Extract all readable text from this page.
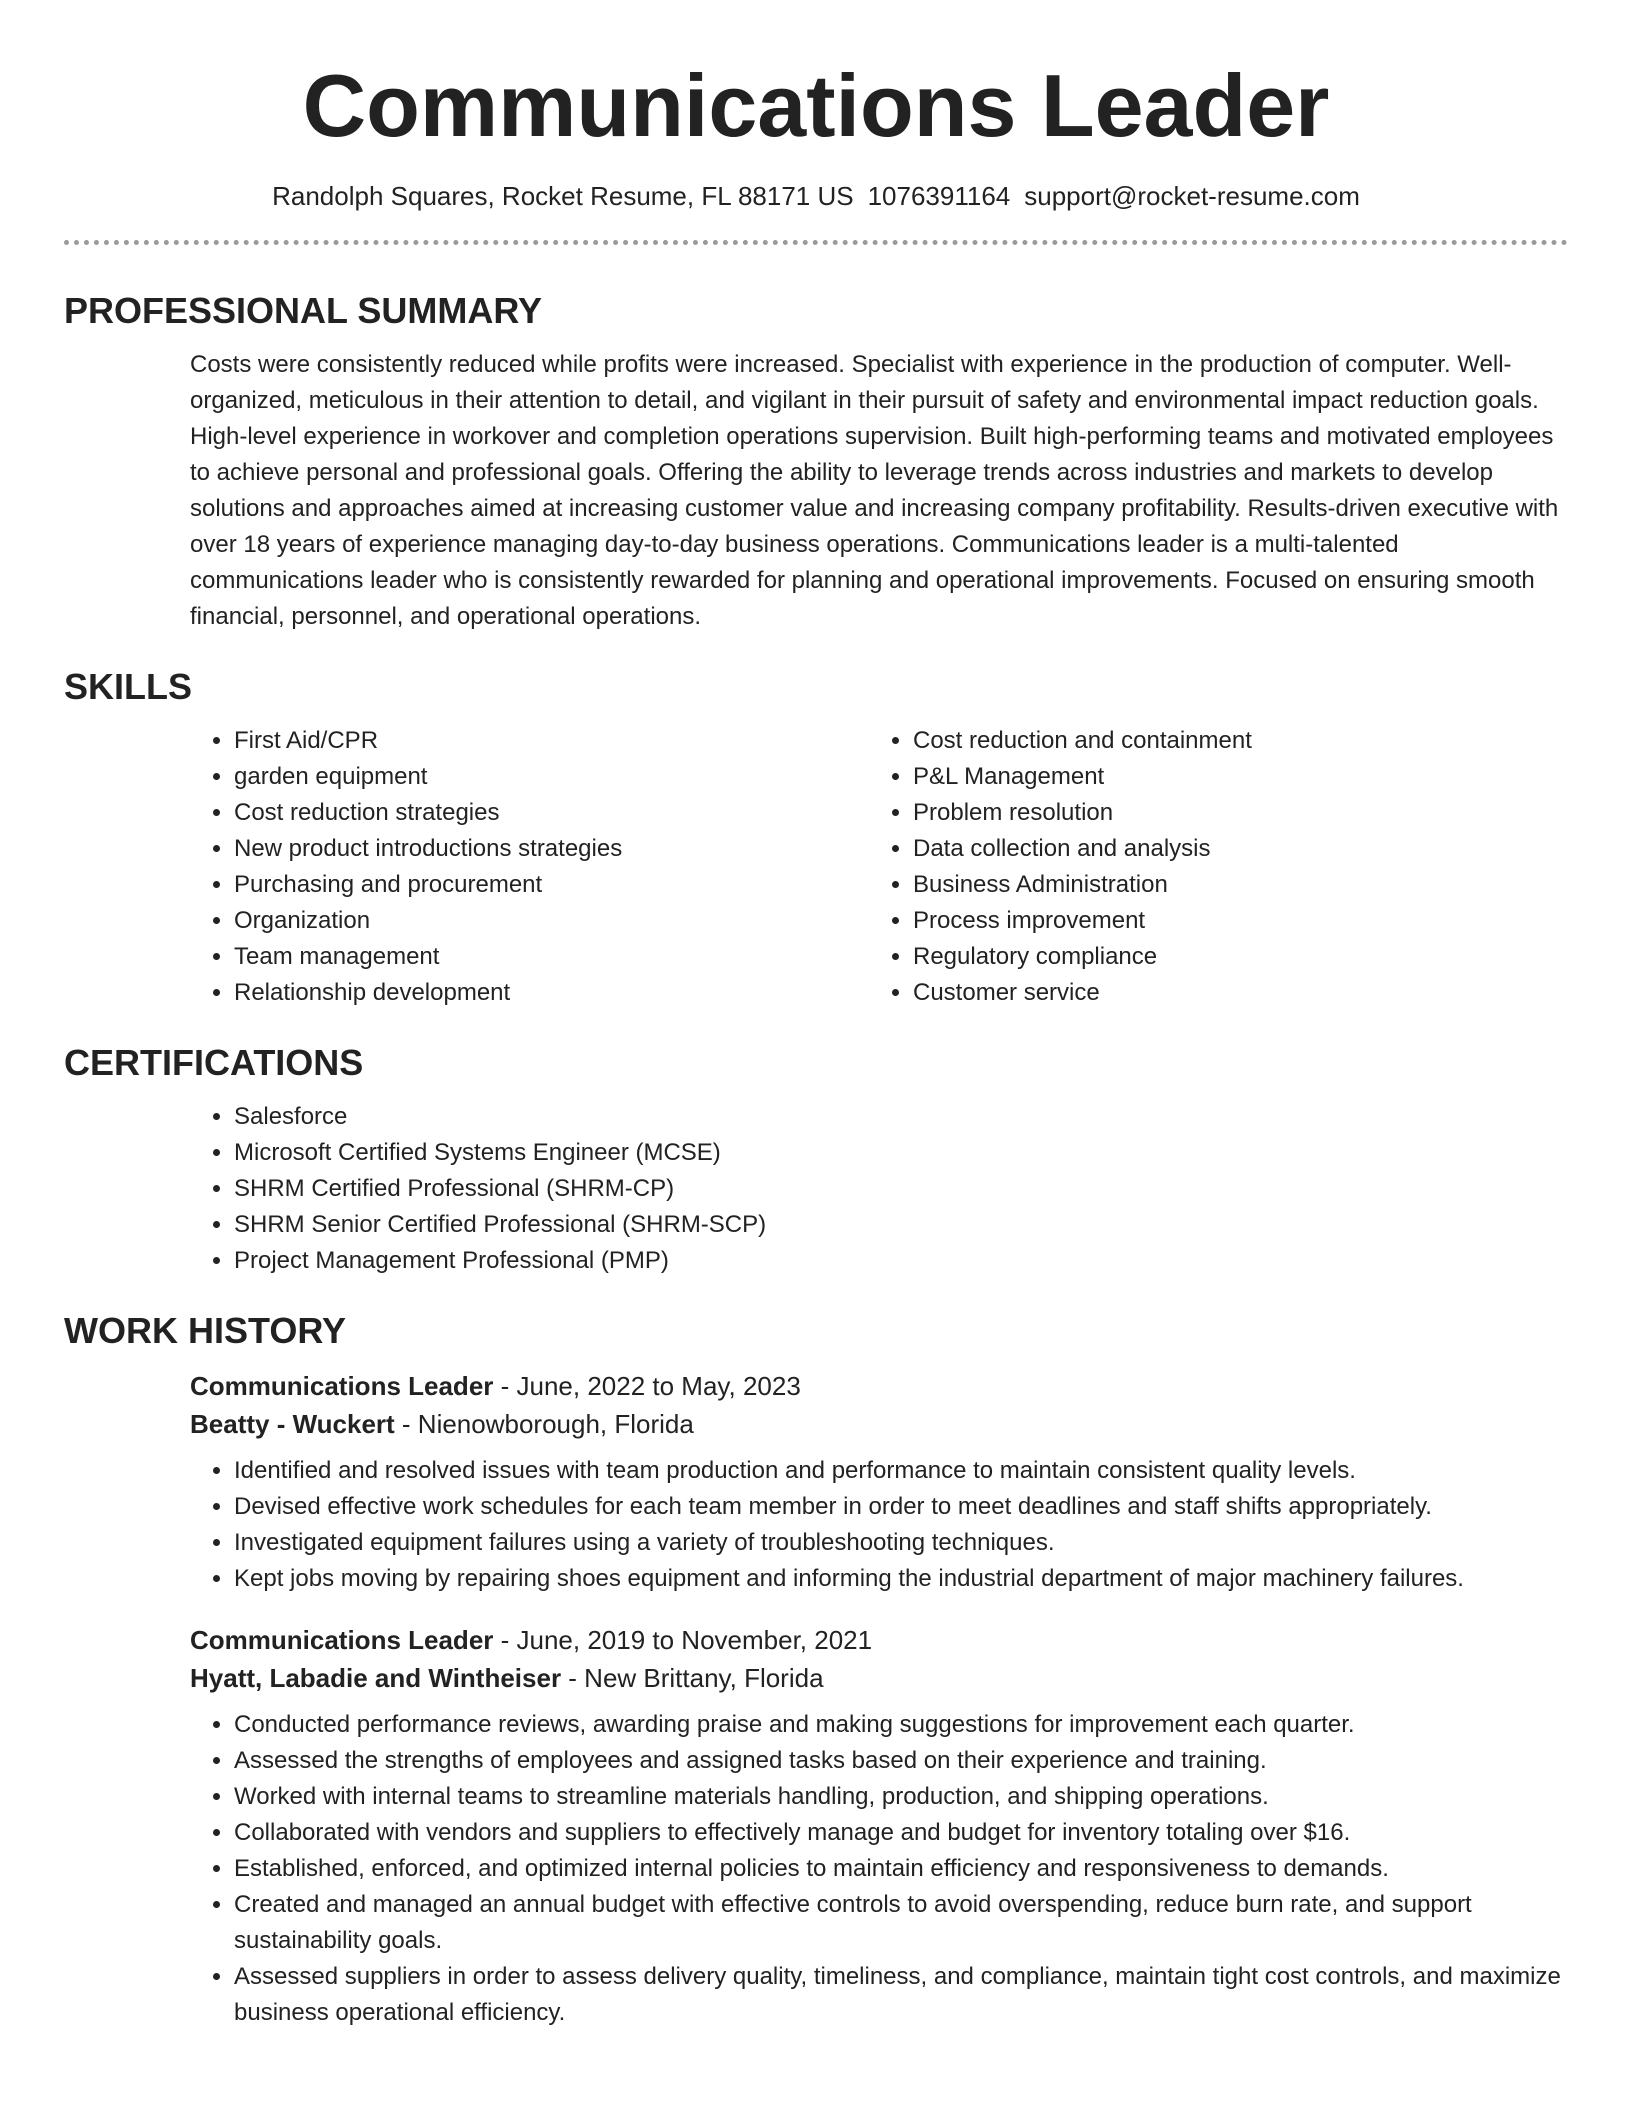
Communications Leader
Randolph Squares, Rocket Resume, FL 88171 US 1076391164 support@rocket-resume.com
PROFESSIONAL SUMMARY
Costs were consistently reduced while profits were increased. Specialist with experience in the production of computer. Well-organized, meticulous in their attention to detail, and vigilant in their pursuit of safety and environmental impact reduction goals. High-level experience in workover and completion operations supervision. Built high-performing teams and motivated employees to achieve personal and professional goals. Offering the ability to leverage trends across industries and markets to develop solutions and approaches aimed at increasing customer value and increasing company profitability. Results-driven executive with over 18 years of experience managing day-to-day business operations. Communications leader is a multi-talented communications leader who is consistently rewarded for planning and operational improvements. Focused on ensuring smooth financial, personnel, and operational operations.
SKILLS
• First Aid/CPR
• garden equipment
• Cost reduction strategies
• New product introductions strategies
• Purchasing and procurement
• Organization
• Team management
• Relationship development
• Cost reduction and containment
• P&L Management
• Problem resolution
• Data collection and analysis
• Business Administration
• Process improvement
• Regulatory compliance
• Customer service
CERTIFICATIONS
• Salesforce
• Microsoft Certified Systems Engineer (MCSE)
• SHRM Certified Professional (SHRM-CP)
• SHRM Senior Certified Professional (SHRM-SCP)
• Project Management Professional (PMP)
WORK HISTORY
Communications Leader - June, 2022 to May, 2023
Beatty - Wuckert - Nienowborough, Florida
• Identified and resolved issues with team production and performance to maintain consistent quality levels.
• Devised effective work schedules for each team member in order to meet deadlines and staff shifts appropriately.
• Investigated equipment failures using a variety of troubleshooting techniques.
• Kept jobs moving by repairing shoes equipment and informing the industrial department of major machinery failures.
Communications Leader - June, 2019 to November, 2021
Hyatt, Labadie and Wintheiser - New Brittany, Florida
• Conducted performance reviews, awarding praise and making suggestions for improvement each quarter.
• Assessed the strengths of employees and assigned tasks based on their experience and training.
• Worked with internal teams to streamline materials handling, production, and shipping operations.
• Collaborated with vendors and suppliers to effectively manage and budget for inventory totaling over $16.
• Established, enforced, and optimized internal policies to maintain efficiency and responsiveness to demands.
• Created and managed an annual budget with effective controls to avoid overspending, reduce burn rate, and support sustainability goals.
• Assessed suppliers in order to assess delivery quality, timeliness, and compliance, maintain tight cost controls, and maximize business operational efficiency.
